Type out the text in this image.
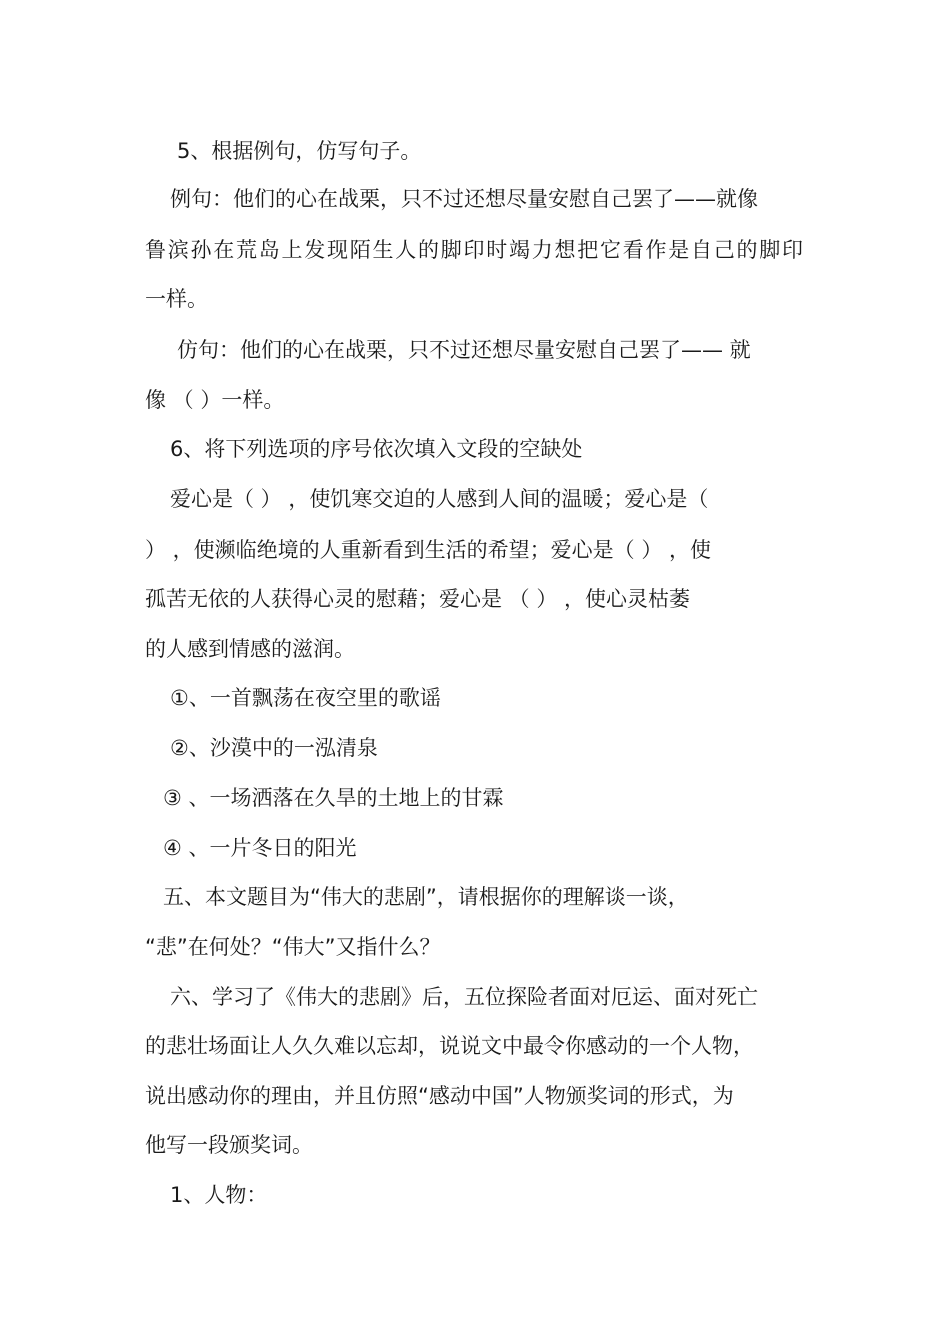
5、根据例句，仿写句子。

例句：他们的心在战栗，只不过还想尽量安慰自己罢了——就像

鲁滨孙在荒岛上发现陌生人的脚印时竭力想把它看作是自己的脚印

一样。

仿句：他们的心在战栗，只不过还想尽量安慰自己罢了—— 就

像 （ ）一样。

6、将下列选项的序号依次填入文段的空缺处

爱心是（ ） ，使饥寒交迫的人感到人间的温暖；爱心是（

） ，使濒临绝境的人重新看到生活的希望；爱心是（ ） ，使

孤苦无依的人获得心灵的慰藉；爱心是 （ ） ，使心灵枯萎

的人感到情感的滋润。

①、一首飘荡在夜空里的歌谣

②、沙漠中的一泓清泉

③ 、一场洒落在久旱的土地上的甘霖

④ 、一片冬日的阳光

五、本文题目为“伟大的悲剧”，请根据你的理解谈一谈，

“悲”在何处？“伟大”又指什么？

六、学习了《伟大的悲剧》后，五位探险者面对厄运、面对死亡

的悲壮场面让人久久难以忘却，说说文中最令你感动的一个人物，

说出感动你的理由，并且仿照“感动中国”人物颁奖词的形式，为

他写一段颁奖词。

1、人物：
